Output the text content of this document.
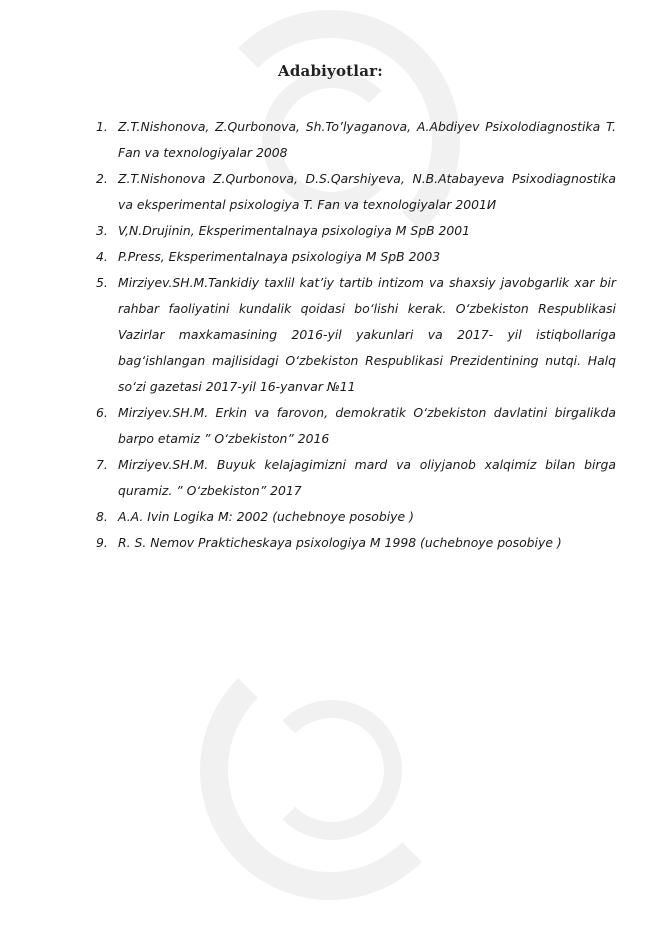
Adabiyotlar:
1. Z.T.Nishonova, Z.Qurbonova, Sh.To’lyaganova, A.Abdiyev Psixolodiagnostika T. Fan va texnologiyalar 2008
2. Z.T.Nishonova Z.Qurbonova, D.S.Qarshiyeva, N.B.Atabayeva Psixodiagnostika va eksperimental psixologiya T. Fan va texnologiyalar 2001И
3. V,N.Drujinin, Eksperimentalnaya psixologiya M SpB 2001
4. P.Press, Eksperimentalnaya psixologiya M SpB 2003
5. Mirziyev.SH.M.Tankidiy taxlil kat’iy tartib intizom va shaxsiy javobgarlik xar bir rahbar faoliyatini kundalik qoidasi bo‘lishi kerak. O‘zbekiston Respublikasi Vazirlar maхkamasining 2016-yil yakunlari va 2017- yil istiqbollariga bag‘ishlangan majlisidagi O‘zbekiston Respublikasi Prezidentining nutqi. Halq so‘zi gazetasi 2017-yil 16-yanvar №11
6. Mirziyev.SH.M. Erkin va farovon, demokratik O‘zbekiston davlatini birgalikda barpo etamiz ” O‘zbekiston” 2016
7. Mirziyev.SH.M. Buyuk kelajagimizni mard va oliyjanob xalqimiz bilan birga quramiz. ” O‘zbekiston” 2017
8. A.A. Ivin Logika M: 2002 (uchebnoye posobiye )
9. R. S. Nemov Prakticheskaya psixologiya M 1998 (uchebnoye posobiye )
